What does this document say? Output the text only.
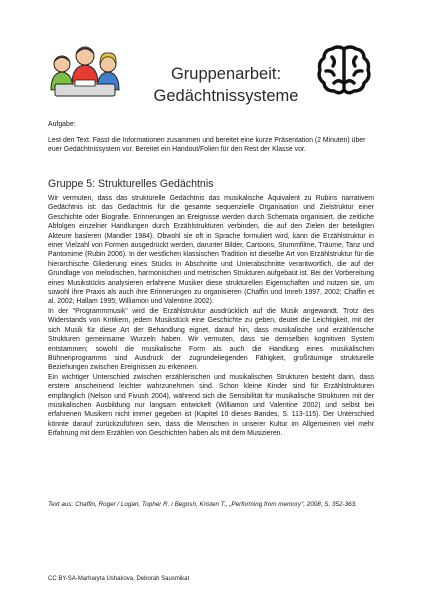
Gruppenarbeit:
Gedächtnissysteme

Aufgabe:

Lest den Text. Fasst die Informationen zusammen und bereitet eine kurze Präsentation (2 Minuten) über euer Gedächtnissystem vor. Bereitet ein Handout/Folien für den Rest der Klasse vor.

Gruppe 5: Strukturelles Gedächtnis

Wir vermuten, dass das strukturelle Gedächtnis das musikalische Äquivalent zu Rubins narrativem Gedächtnis ist: das Gedächtnis für die gesamte sequenzielle Organisation und Zielstruktur einer Geschichte oder Biografie. Erinnerungen an Ereignisse werden durch Schemata organisiert, die zeitliche Abfolgen einzelner Handlungen durch Erzählstrukturen verbinden, die auf den Zielen der beteiligten Akteure basieren (Mandler 1984). Obwohl sie oft in Sprache formuliert wird, kann die Erzählstruktur in einer Vielzahl von Formen ausgedrückt werden, darunter Bilder, Cartoons, Stummfilme, Träume, Tanz und Pantomime (Rubin 2006). In der westlichen klassischen Tradition ist dieselbe Art von Erzählstruktur für die hierarchische Gliederung eines Stücks in Abschnitte und Unterabschnitte verantwortlich, die auf der Grundlage von melodischen, harmonischen und metrischen Strukturen aufgebaut ist. Bei der Vorbereitung eines Musikstücks analysieren erfahrene Musiker diese strukturellen Eigenschaften und nutzen sie, um sowohl ihre Praxis als auch ihre Erinnerungen zu organisieren (Chaffin und Imreh 1997, 2002; Chaffin et al. 2002; Hallam 1995; Williamon und Valentine 2002).

In der "Programmmusik" wird die Erzählstruktur ausdrücklich auf die Musik angewandt. Trotz des Widerstands von Kritikern, jedem Musikstück eine Geschichte zu geben, deutet die Leichtigkeit, mit der sich Musik für diese Art der Behandlung eignet, darauf hin, dass musikalische und erzählerische Strukturen gemeinsame Wurzeln haben. Wir vermuten, dass sie demselben kognitiven System entstammen; sowohl die musikalische Form als auch die Handlung eines musikalischen Bühnenprogramms sind Ausdruck der zugrundeliegenden Fähigkeit, großräumige strukturelle Beziehungen zwischen Ereignissen zu erkennen.

Ein wichtiger Unterschied zwischen erzählerischen und musikalischen Strukturen besteht darin, dass erstere anscheinend leichter wahrzunehmen sind. Schon kleine Kinder sind für Erzählstrukturen empfänglich (Nelson und Fivush 2004), während sich die Sensibilität für musikalische Strukturen mit der musikalischen Ausbildung nur langsam entwickelt (Williamon und Valentine 2002) und selbst bei erfahrenen Musikern nicht immer gegeben ist (Kapitel 10 dieses Bandes, S. 113-115). Der Unterschied könnte darauf zurückzuführen sein, dass die Menschen in unserer Kultur im Allgemeinen viel mehr Erfahrung mit dem Erzählen von Geschichten haben als mit dem Musizieren.

Text aus: Chaffin, Roger / Logan, Topher R. / Begosh, Kristen T., „Performing from memory", 2008, S. 352-363.

CC BY-SA-Marharyta Ushakova, Deborah Sausmikat
